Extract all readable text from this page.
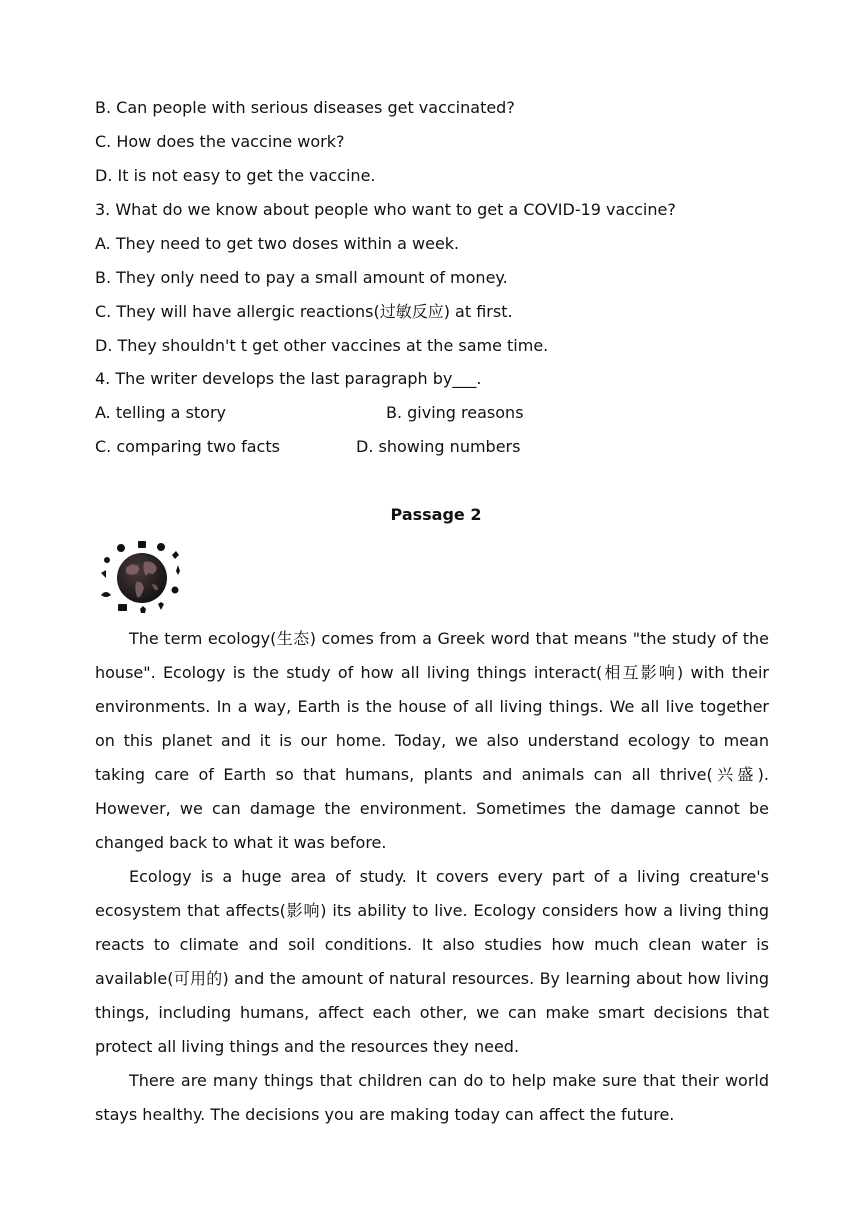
B. Can people with serious diseases get vaccinated?
C. How does the vaccine work?
D. It is not easy to get the vaccine.
3. What do we know about people who want to get a COVID-19 vaccine?
A. They need to get two doses within a week.
B. They only need to pay a small amount of money.
C. They will have allergic reactions(过敏反应) at first.
D. They shouldn't t get other vaccines at the same time.
4. The writer develops the last paragraph by___.
A. telling a story	B. giving reasons
C. comparing two facts	D. showing numbers
Passage 2

The term ecology(生态) comes from a Greek word that means "the study of the house". Ecology is the study of how all living things interact(相互影响) with their environments. In a way, Earth is the house of all living things. We all live together on this planet and it is our home. Today, we also understand ecology to mean taking care of Earth so that humans, plants and animals can all thrive(兴盛). However, we can damage the environment. Sometimes the damage cannot be changed back to what it was before.

Ecology is a huge area of study. It covers every part of a living creature's ecosystem that affects(影响) its ability to live. Ecology considers how a living thing reacts to climate and soil conditions. It also studies how much clean water is available(可用的) and the amount of natural resources. By learning about how living things, including humans, affect each other, we can make smart decisions that protect all living things and the resources they need.

There are many things that children can do to help make sure that their world stays healthy. The decisions you are making today can affect the future.
